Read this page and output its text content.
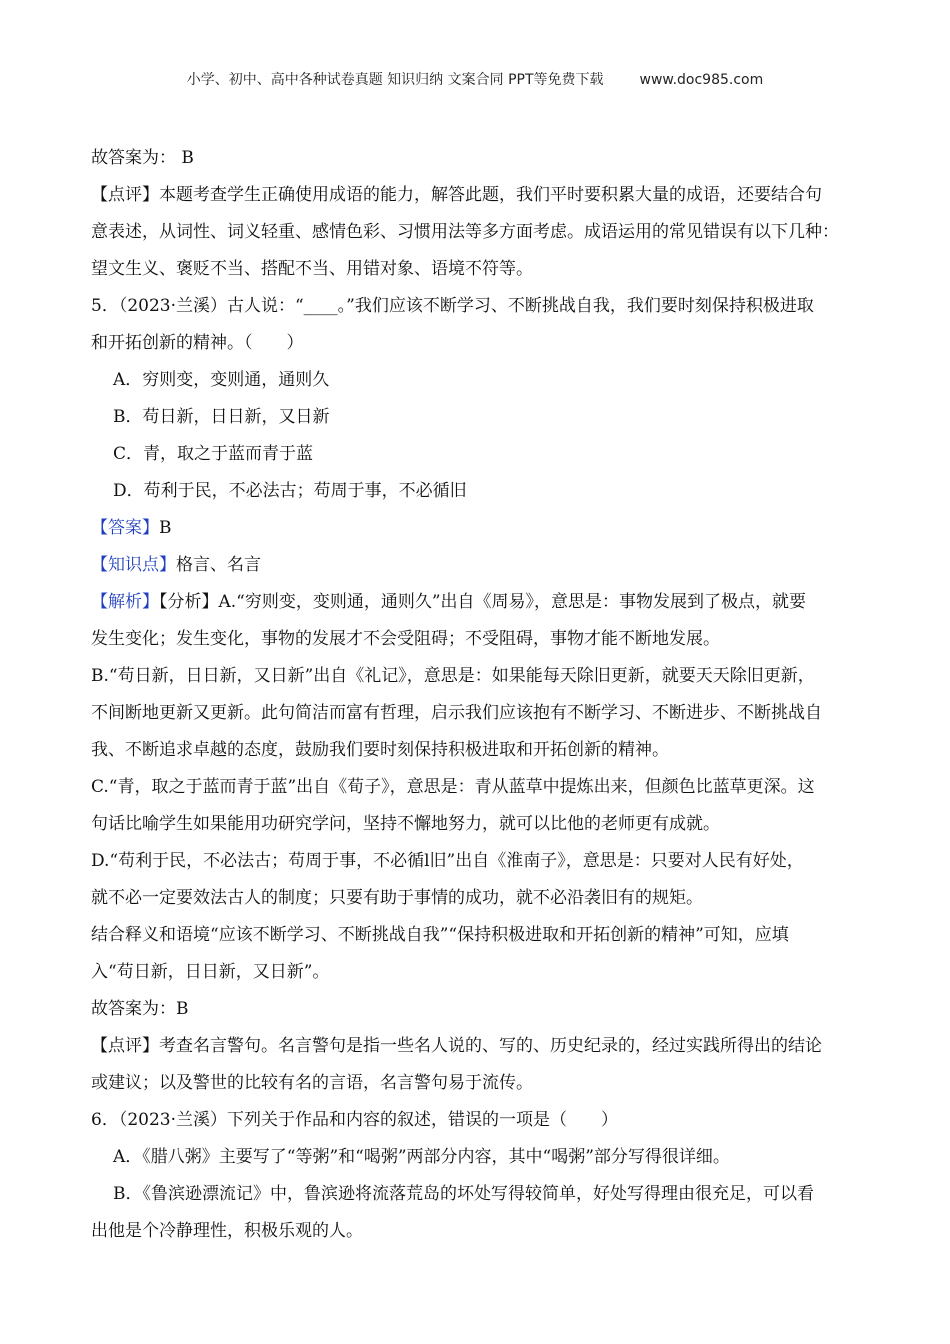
小学、初中、高中各种试卷真题 知识归纳 文案合同 PPT等免费下载	www.doc985.com

故答案为： B

【点评】本题考查学生正确使用成语的能力，解答此题，我们平时要积累大量的成语，还要结合句

意表述，从词性、词义轻重、感情色彩、习惯用法等多方面考虑。成语运用的常见错误有以下几种：

望文生义、褒贬不当、搭配不当、用错对象、语境不符等。

5．（2023·兰溪）古人说：“____。”我们应该不断学习、不断挑战自我，我们要时刻保持积极进取

和开拓创新的精神。（　　）

A．穷则变，变则通，通则久

B．苟日新，日日新，又日新

C．青，取之于蓝而青于蓝

D．苟利于民，不必法古；苟周于事，不必循旧

【答案】B

【知识点】格言、名言

【解析】【分析】A.“穷则变，变则通，通则久”出自《周易》，意思是：事物发展到了极点，就要

发生变化；发生变化，事物的发展才不会受阻碍；不受阻碍，事物才能不断地发展。

B.“苟日新，日日新，又日新”出自《礼记》，意思是：如果能每天除旧更新，就要天天除旧更新，

不间断地更新又更新。此句简洁而富有哲理，启示我们应该抱有不断学习、不断进步、不断挑战自

我、不断追求卓越的态度，鼓励我们要时刻保持积极进取和开拓创新的精神。

C.“青，取之于蓝而青于蓝”出自《荀子》，意思是：青从蓝草中提炼出来，但颜色比蓝草更深。这

句话比喻学生如果能用功研究学问，坚持不懈地努力，就可以比他的老师更有成就。

D.“苟利于民，不必法古；苟周于事，不必循l旧”出自《淮南子》，意思是：只要对人民有好处，

就不必一定要效法古人的制度；只要有助于事情的成功，就不必沿袭旧有的规矩。

结合释义和语境“应该不断学习、不断挑战自我”“保持积极进取和开拓创新的精神”可知，应填

入“苟日新，日日新，又日新”。

故答案为：B

【点评】考查名言警句。名言警句是指一些名人说的、写的、历史纪录的，经过实践所得出的结论

或建议；以及警世的比较有名的言语，名言警句易于流传。

6．（2023·兰溪）下列关于作品和内容的叙述，错误的一项是（　　）

A．《腊八粥》主要写了“等粥”和“喝粥”两部分内容，其中“喝粥”部分写得很详细。

B．《鲁滨逊漂流记》中，鲁滨逊将流落荒岛的坏处写得较简单，好处写得理由很充足，可以看

出他是个冷静理性，积极乐观的人。
